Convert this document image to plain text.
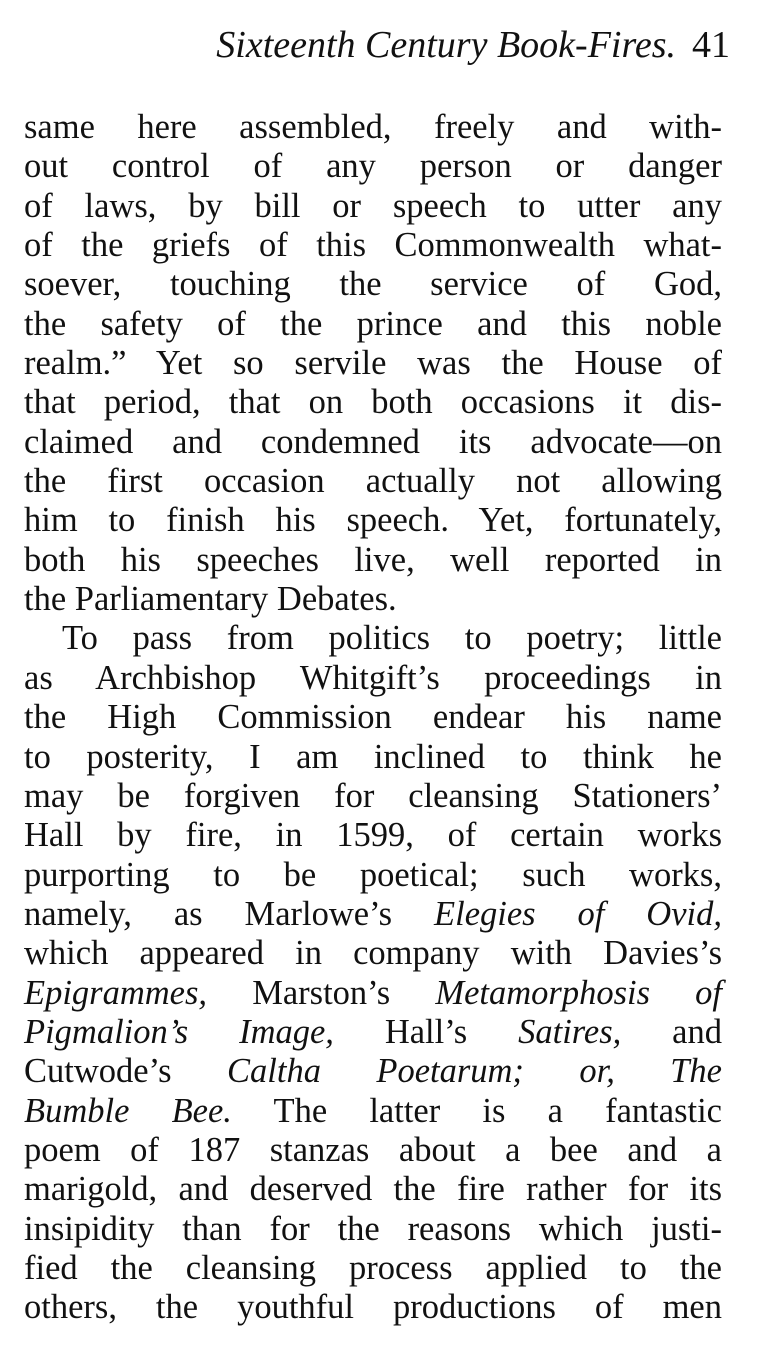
Sixteenth Century Book-Fires. 41
same here assembled, freely and with-
out control of any person or danger
of laws, by bill or speech to utter any
of the griefs of this Commonwealth what-
soever, touching the service of God,
the safety of the prince and this noble
realm.” Yet so servile was the House of
that period, that on both occasions it dis-
claimed and condemned its advocate—on
the first occasion actually not allowing
him to finish his speech. Yet, fortunately,
both his speeches live, well reported in
the Parliamentary Debates.
To pass from politics to poetry; little
as Archbishop Whitgift’s proceedings in
the High Commission endear his name
to posterity, I am inclined to think he
may be forgiven for cleansing Stationers’
Hall by fire, in 1599, of certain works
purporting to be poetical; such works,
namely, as Marlowe’s Elegies of Ovid,
which appeared in company with Davies’s
Epigrammes, Marston’s Metamorphosis of
Pigmalion’s Image, Hall’s Satires, and
Cutwode’s Caltha Poetarum; or, The
Bumble Bee. The latter is a fantastic
poem of 187 stanzas about a bee and a
marigold, and deserved the fire rather for its
insipidity than for the reasons which justi-
fied the cleansing process applied to the
others, the youthful productions of men
